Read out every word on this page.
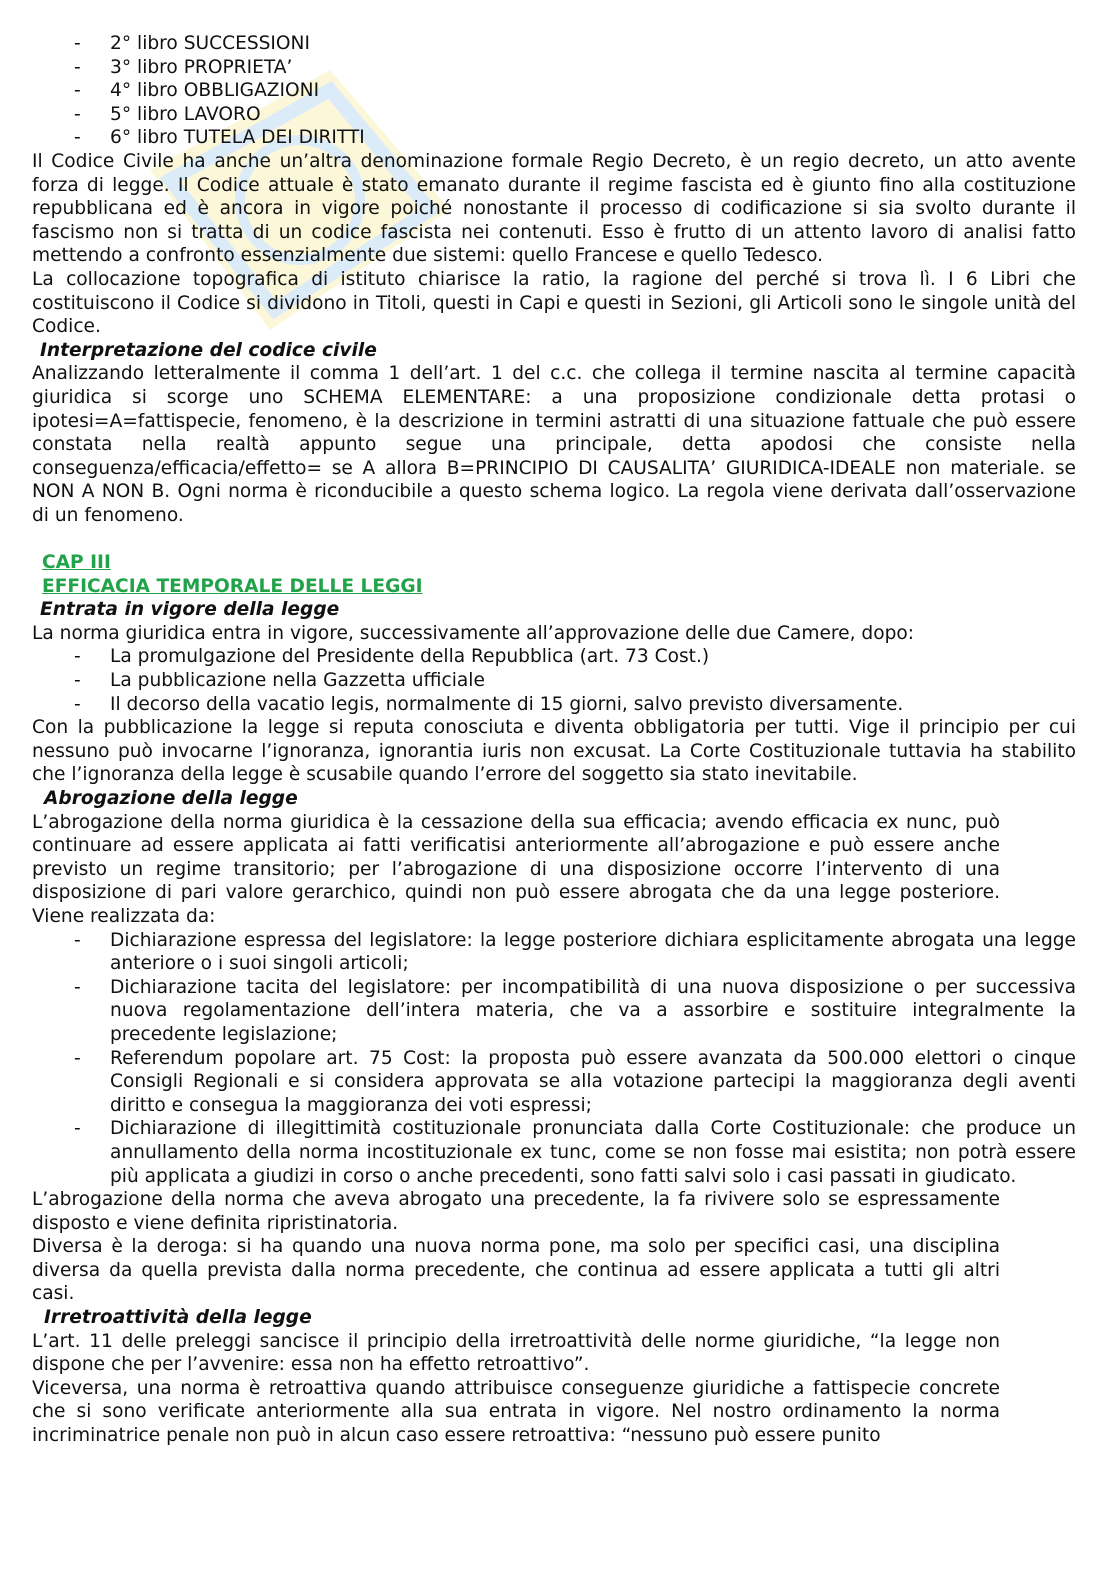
- 2° libro SUCCESSIONI
- 3° libro PROPRIETA’
- 4° libro OBBLIGAZIONI
- 5° libro LAVORO
- 6° libro TUTELA DEI DIRITTI

Il Codice Civile ha anche un’altra denominazione formale Regio Decreto, è un regio decreto, un atto avente forza di legge. Il Codice attuale è stato emanato durante il regime fascista ed è giunto fino alla costituzione repubblicana ed è ancora in vigore poiché nonostante il processo di codificazione si sia svolto durante il fascismo non si tratta di un codice fascista nei contenuti. Esso è frutto di un attento lavoro di analisi fatto mettendo a confronto essenzialmente due sistemi: quello Francese e quello Tedesco.

La collocazione topografica di istituto chiarisce la ratio, la ragione del perché si trova lì. I 6 Libri che costituiscono il Codice si dividono in Titoli, questi in Capi e questi in Sezioni, gli Articoli sono le singole unità del Codice.

Interpretazione del codice civile

Analizzando letteralmente il comma 1 dell’art. 1 del c.c. che collega il termine nascita al termine capacità giuridica si scorge uno SCHEMA ELEMENTARE: a una proposizione condizionale detta protasi o ipotesi=A=fattispecie, fenomeno, è la descrizione in termini astratti di una situazione fattuale che può essere constata nella realtà appunto segue una principale, detta apodosi che consiste nella conseguenza/efficacia/effetto= se A allora B=PRINCIPIO DI CAUSALITA’ GIURIDICA-IDEALE non materiale. se NON A NON B. Ogni norma è riconducibile a questo schema logico. La regola viene derivata dall’osservazione di un fenomeno.

CAP III
EFFICACIA TEMPORALE DELLE LEGGI
Entrata in vigore della legge

La norma giuridica entra in vigore, successivamente all’approvazione delle due Camere, dopo:

- La promulgazione del Presidente della Repubblica (art. 73 Cost.)
- La pubblicazione nella Gazzetta ufficiale
- Il decorso della vacatio legis, normalmente di 15 giorni, salvo previsto diversamente.

Con la pubblicazione la legge si reputa conosciuta e diventa obbligatoria per tutti. Vige il principio per cui nessuno può invocarne l’ignoranza, ignorantia iuris non excusat. La Corte Costituzionale tuttavia ha stabilito che l’ignoranza della legge è scusabile quando l’errore del soggetto sia stato inevitabile.

Abrogazione della legge

L’abrogazione della norma giuridica è la cessazione della sua efficacia; avendo efficacia ex nunc, può continuare ad essere applicata ai fatti verificatisi anteriormente all’abrogazione e può essere anche previsto un regime transitorio; per l’abrogazione di una disposizione occorre l’intervento di una disposizione di pari valore gerarchico, quindi non può essere abrogata che da una legge posteriore. Viene realizzata da:

- Dichiarazione espressa del legislatore: la legge posteriore dichiara esplicitamente abrogata una legge anteriore o i suoi singoli articoli;
- Dichiarazione tacita del legislatore: per incompatibilità di una nuova disposizione o per successiva nuova regolamentazione dell’intera materia, che va a assorbire e sostituire integralmente la precedente legislazione;
- Referendum popolare art. 75 Cost: la proposta può essere avanzata da 500.000 elettori o cinque Consigli Regionali e si considera approvata se alla votazione partecipi la maggioranza degli aventi diritto e consegua la maggioranza dei voti espressi;
- Dichiarazione di illegittimità costituzionale pronunciata dalla Corte Costituzionale: che produce un annullamento della norma incostituzionale ex tunc, come se non fosse mai esistita; non potrà essere più applicata a giudizi in corso o anche precedenti, sono fatti salvi solo i casi passati in giudicato.

L’abrogazione della norma che aveva abrogato una precedente, la fa rivivere solo se espressamente disposto e viene definita ripristinatoria.

Diversa è la deroga: si ha quando una nuova norma pone, ma solo per specifici casi, una disciplina diversa da quella prevista dalla norma precedente, che continua ad essere applicata a tutti gli altri casi.

Irretroattività della legge

L’art. 11 delle preleggi sancisce il principio della irretroattività delle norme giuridiche, “la legge non dispone che per l’avvenire: essa non ha effetto retroattivo”.

Viceversa, una norma è retroattiva quando attribuisce conseguenze giuridiche a fattispecie concrete che si sono verificate anteriormente alla sua entrata in vigore. Nel nostro ordinamento la norma incriminatrice penale non può in alcun caso essere retroattiva: “nessuno può essere punito
